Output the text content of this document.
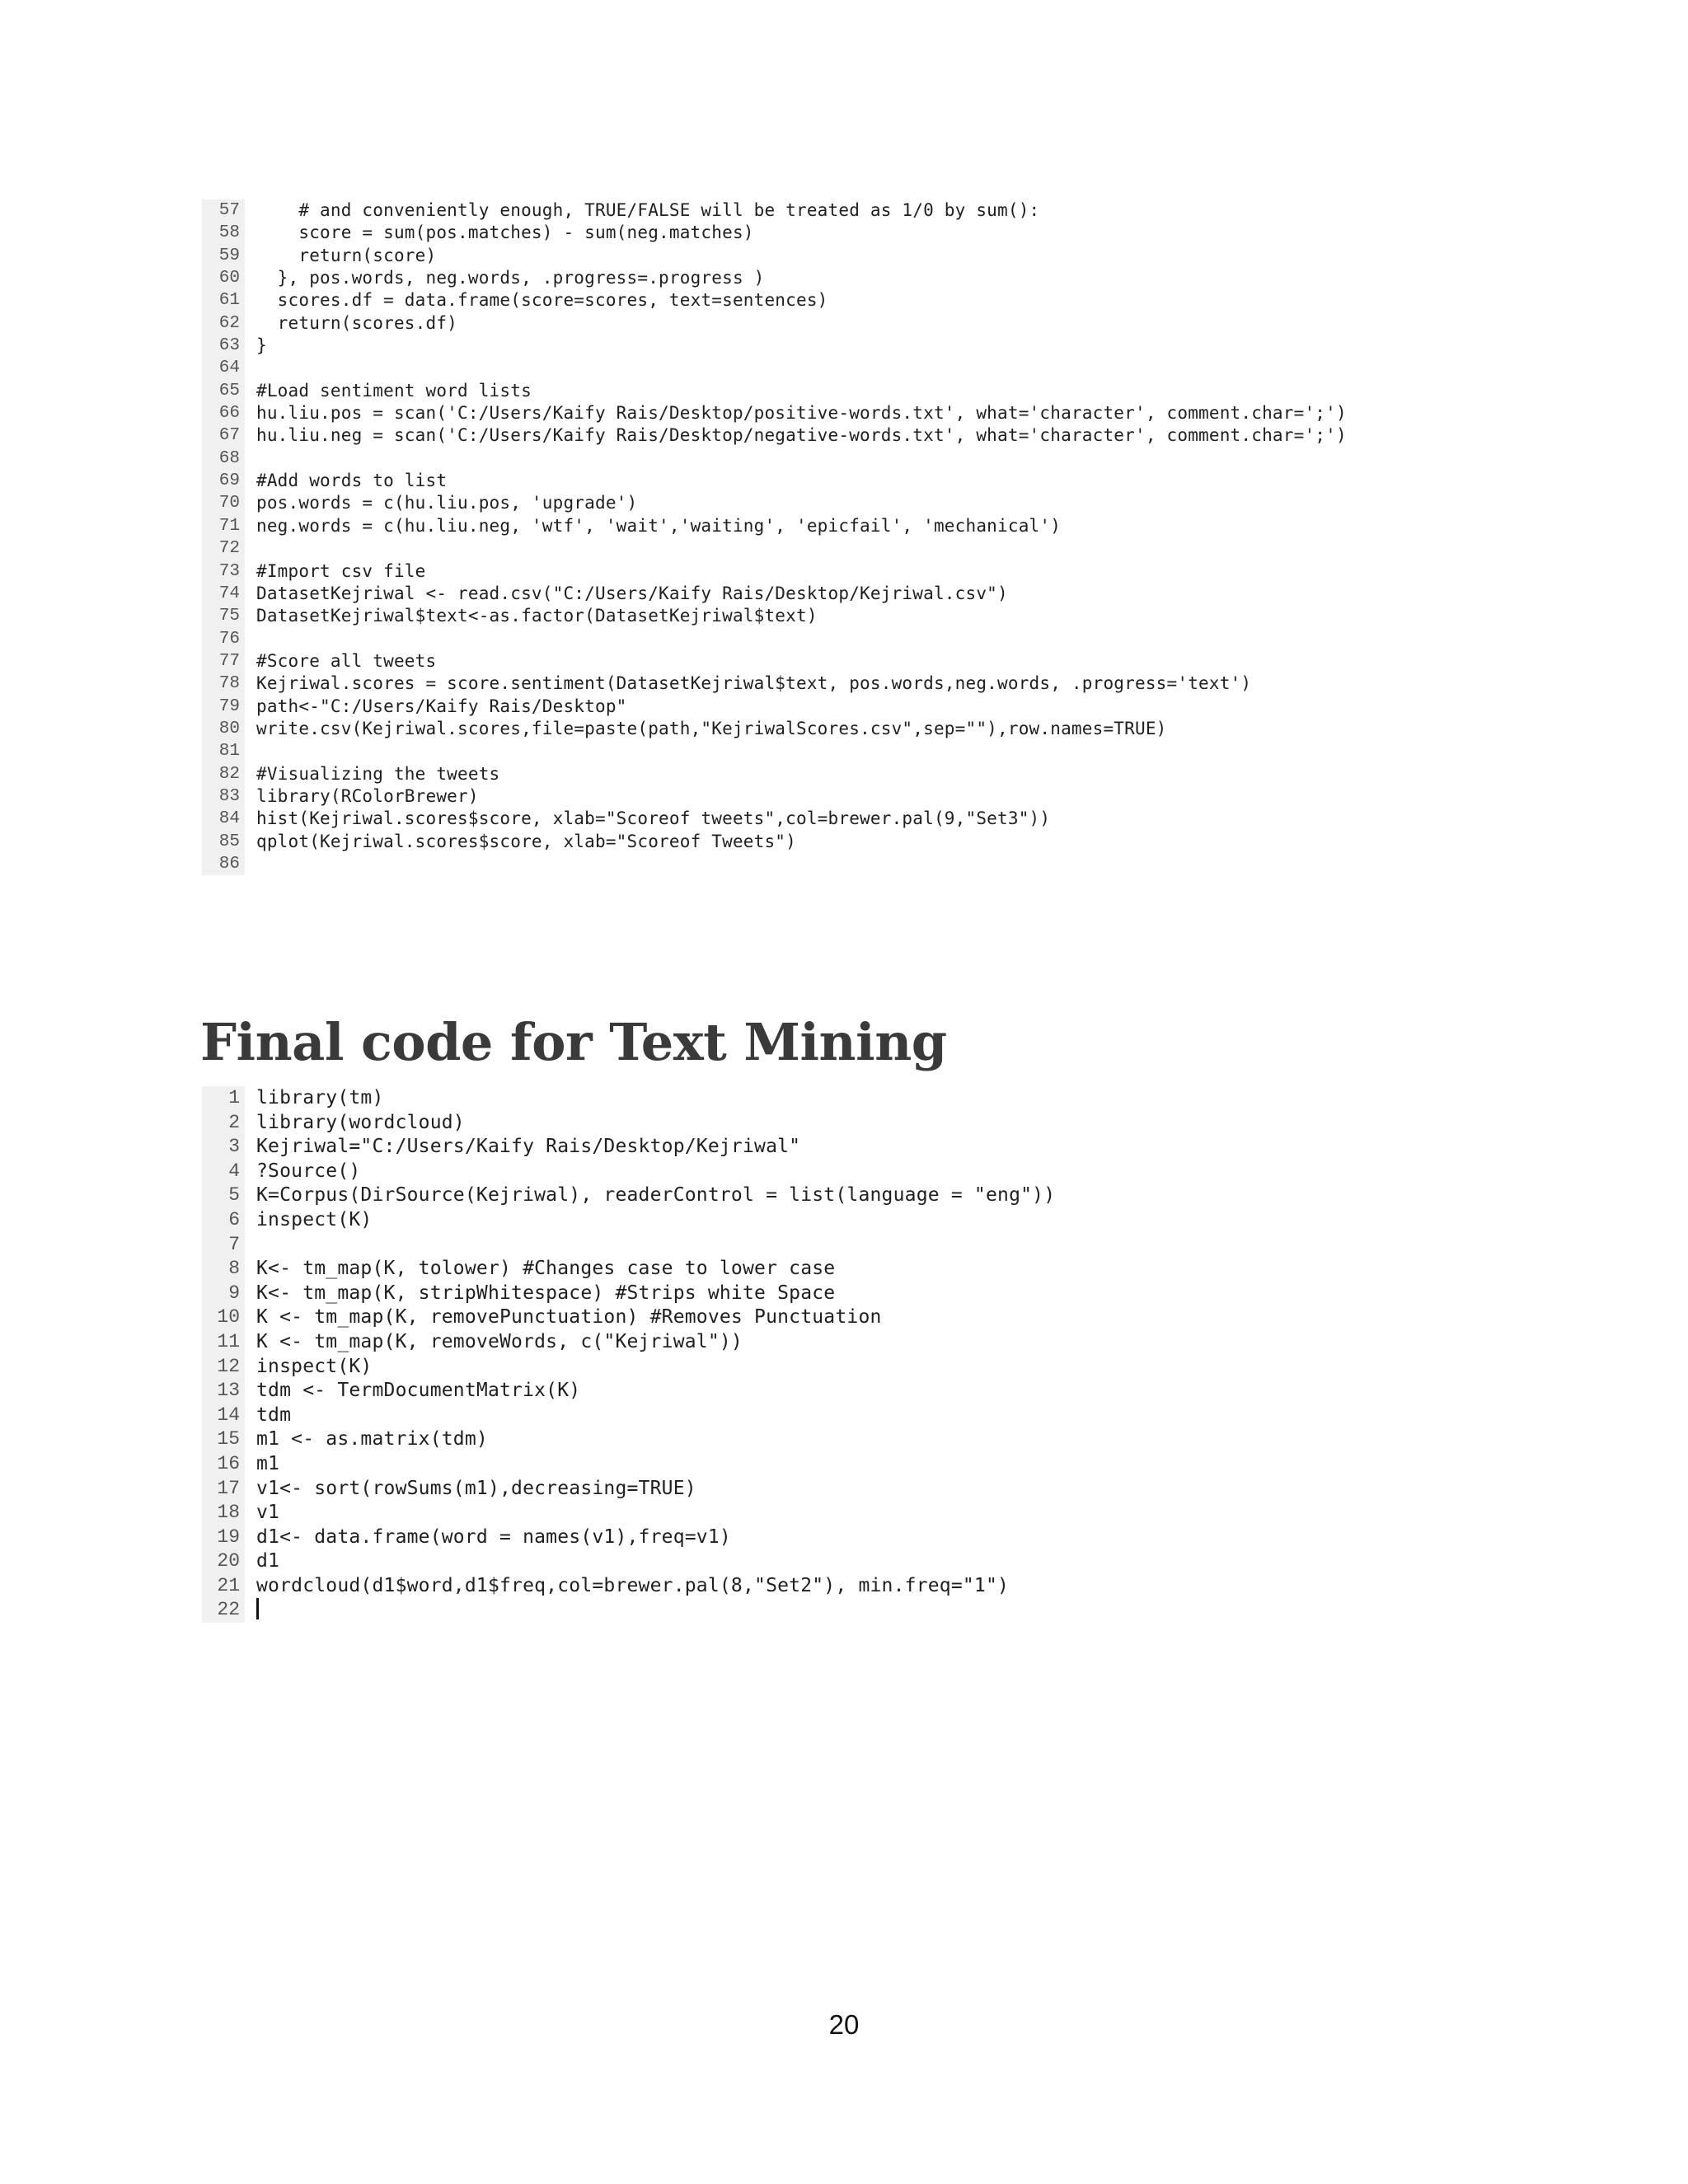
57 # and conveniently enough, TRUE/FALSE will be treated as 1/0 by sum():
58 score = sum(pos.matches) - sum(neg.matches)
59 return(score)
60 }, pos.words, neg.words, .progress=.progress )
61 scores.df = data.frame(score=scores, text=sentences)
62 return(scores.df)
63 }
64
65 #Load sentiment word lists
66 hu.liu.pos = scan('C:/Users/Kaify Rais/Desktop/positive-words.txt', what='character', comment.char=';')
67 hu.liu.neg = scan('C:/Users/Kaify Rais/Desktop/negative-words.txt', what='character', comment.char=';')
68
69 #Add words to list
70 pos.words = c(hu.liu.pos, 'upgrade')
71 neg.words = c(hu.liu.neg, 'wtf', 'wait','waiting', 'epicfail', 'mechanical')
72
73 #Import csv file
74 DatasetKejriwal <- read.csv("C:/Users/Kaify Rais/Desktop/Kejriwal.csv")
75 DatasetKejriwal$text<-as.factor(DatasetKejriwal$text)
76
77 #Score all tweets
78 Kejriwal.scores = score.sentiment(DatasetKejriwal$text, pos.words,neg.words, .progress='text')
79 path<-"C:/Users/Kaify Rais/Desktop"
80 write.csv(Kejriwal.scores,file=paste(path,"KejriwalScores.csv",sep=""),row.names=TRUE)
81
82 #Visualizing the tweets
83 library(RColorBrewer)
84 hist(Kejriwal.scores$score, xlab="Scoreof tweets",col=brewer.pal(9,"Set3"))
85 qplot(Kejriwal.scores$score, xlab="Scoreof Tweets")
86
Final code for Text Mining
1 library(tm)
2 library(wordcloud)
3 Kejriwal="C:/Users/Kaify Rais/Desktop/Kejriwal"
4 ?Source()
5 K=Corpus(DirSource(Kejriwal), readerControl = list(language = "eng"))
6 inspect(K)
7
8 K<- tm_map(K, tolower) #Changes case to lower case
9 K<- tm_map(K, stripWhitespace) #Strips white Space
10 K <- tm_map(K, removePunctuation) #Removes Punctuation
11 K <- tm_map(K, removeWords, c("Kejriwal"))
12 inspect(K)
13 tdm <- TermDocumentMatrix(K)
14 tdm
15 m1 <- as.matrix(tdm)
16 m1
17 v1<- sort(rowSums(m1),decreasing=TRUE)
18 v1
19 d1<- data.frame(word = names(v1),freq=v1)
20 d1
21 wordcloud(d1$word,d1$freq,col=brewer.pal(8,"Set2"), min.freq="1")
22
20
